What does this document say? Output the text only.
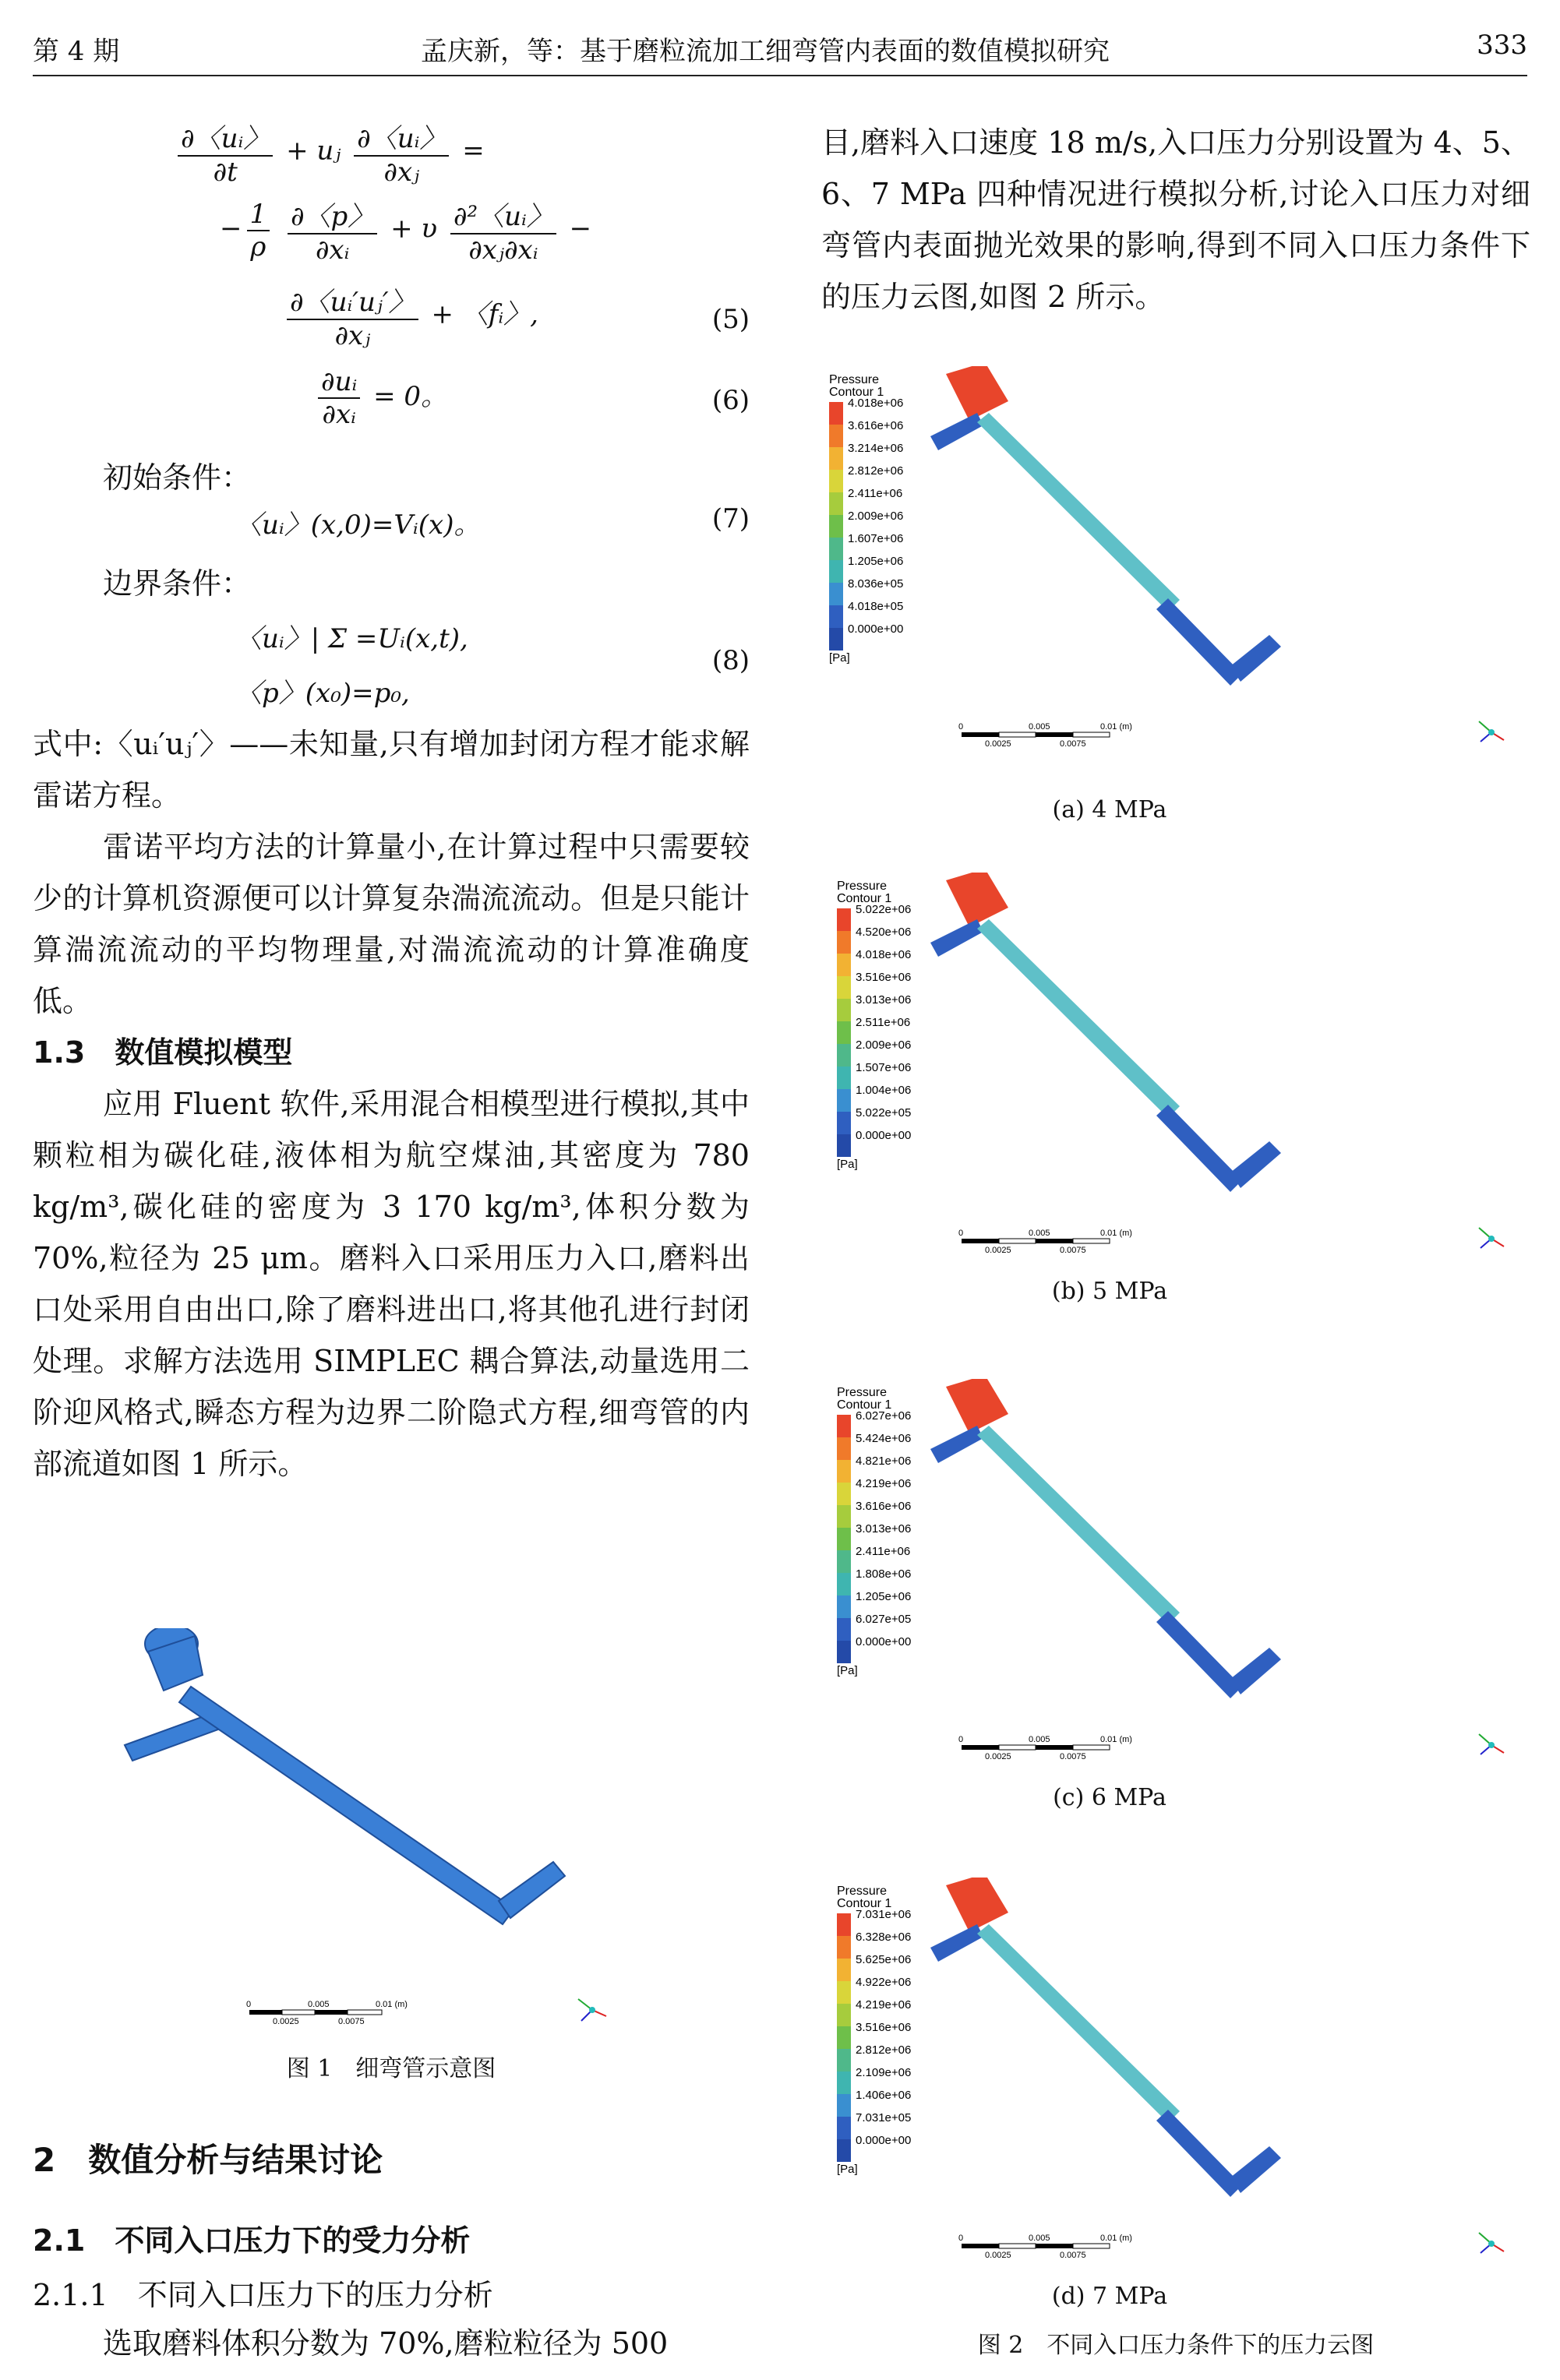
第 4 期	孟庆新，等：基于磨粒流加工细弯管内表面的数值模拟研究	333
$\frac{\text{∂〈uᵢ〉}}{\partial t}$ + uⱼ $\frac{\text{∂〈uᵢ〉}}{\text{∂xⱼ}}$ =
− $\frac{1}{\rho}$
$\frac{\partial〈p〉}{\text{∂xᵢ}} + \upsilon \frac{\text{∂²〈uᵢ〉}}{\text{∂xⱼ∂xᵢ}}$ −
$\frac{\text{∂〈uᵢ′uⱼ′〉}}{\text{∂xⱼ}}$ + 〈fᵢ〉,	(5)
$\frac{\text{∂uᵢ}}{\text{∂xᵢ}} = 0$。	(6)

初始条件：

〈uᵢ〉(x,0)=Vᵢ(x)。	(7)

边界条件：

〈uᵢ〉| Σ =Uᵢ(x,t),
〈p〉(x₀)=p₀,
(8)

式中:〈uᵢ′uⱼ′〉——未知量,只有增加封闭方程才能求解雷诺方程。

雷诺平均方法的计算量小,在计算过程中只需要较少的计算机资源便可以计算复杂湍流流动。但是只能计算湍流流动的平均物理量,对湍流流动的计算准确度低。

1.3　数值模拟模型

应用 Fluent 软件,采用混合相模型进行模拟,其中颗粒相为碳化硅,液体相为航空煤油,其密度为 780 kg/m³,碳化硅的密度为 3 170 kg/m³,体积分数为 70%,粒径为 25 μm。磨料入口采用压力入口,磨料出口处采用自由出口,除了磨料进出口,将其他孔进行封闭处理。求解方法选用 SIMPLEC 耦合算法,动量选用二阶迎风格式,瞬态方程为边界二阶隐式方程,细弯管的内部流道如图 1 所示。

0	0.005	0.01 (m)
0.0025	0.0075
图 1　细弯管示意图

2　数值分析与结果讨论

2.1　不同入口压力下的受力分析

2.1.1　不同入口压力下的压力分析

选取磨料体积分数为 70%,磨粒粒径为 500

目,磨料入口速度 18 m/s,入口压力分别设置为 4、5、6、7 MPa 四种情况进行模拟分析,讨论入口压力对细弯管内表面抛光效果的影响,得到不同入口压力条件下的压力云图,如图 2 所示。

Pressure
Contour 1
4.018e+06
3.616e+06
3.214e+06
2.812e+06
2.411e+06
2.009e+06
1.607e+06
1.205e+06
8.036e+05
4.018e+05
0.000e+00
[Pa]
0	0.005	0.01 (m)
0.0025	0.0075
(a) 4 MPa
Pressure
Contour 1
5.022e+06
4.520e+06
4.018e+06
3.516e+06
3.013e+06
2.511e+06
2.009e+06
1.507e+06
1.004e+06
5.022e+05
0.000e+00
[Pa]
0	0.005	0.01 (m)
0.0025	0.0075
(b) 5 MPa
Pressure
Contour 1
6.027e+06
5.424e+06
4.821e+06
4.219e+06
3.616e+06
3.013e+06
2.411e+06
1.808e+06
1.205e+06
6.027e+05
0.000e+00
[Pa]
0	0.005	0.01 (m)
0.0025	0.0075
(c) 6 MPa
Pressure
Contour 1
7.031e+06
6.328e+06
5.625e+06
4.922e+06
4.219e+06
3.516e+06
2.812e+06
2.109e+06
1.406e+06
7.031e+05
0.000e+00
[Pa]
0	0.005	0.01 (m)
0.0025	0.0075
(d) 7 MPa
图 2　不同入口压力条件下的压力云图
